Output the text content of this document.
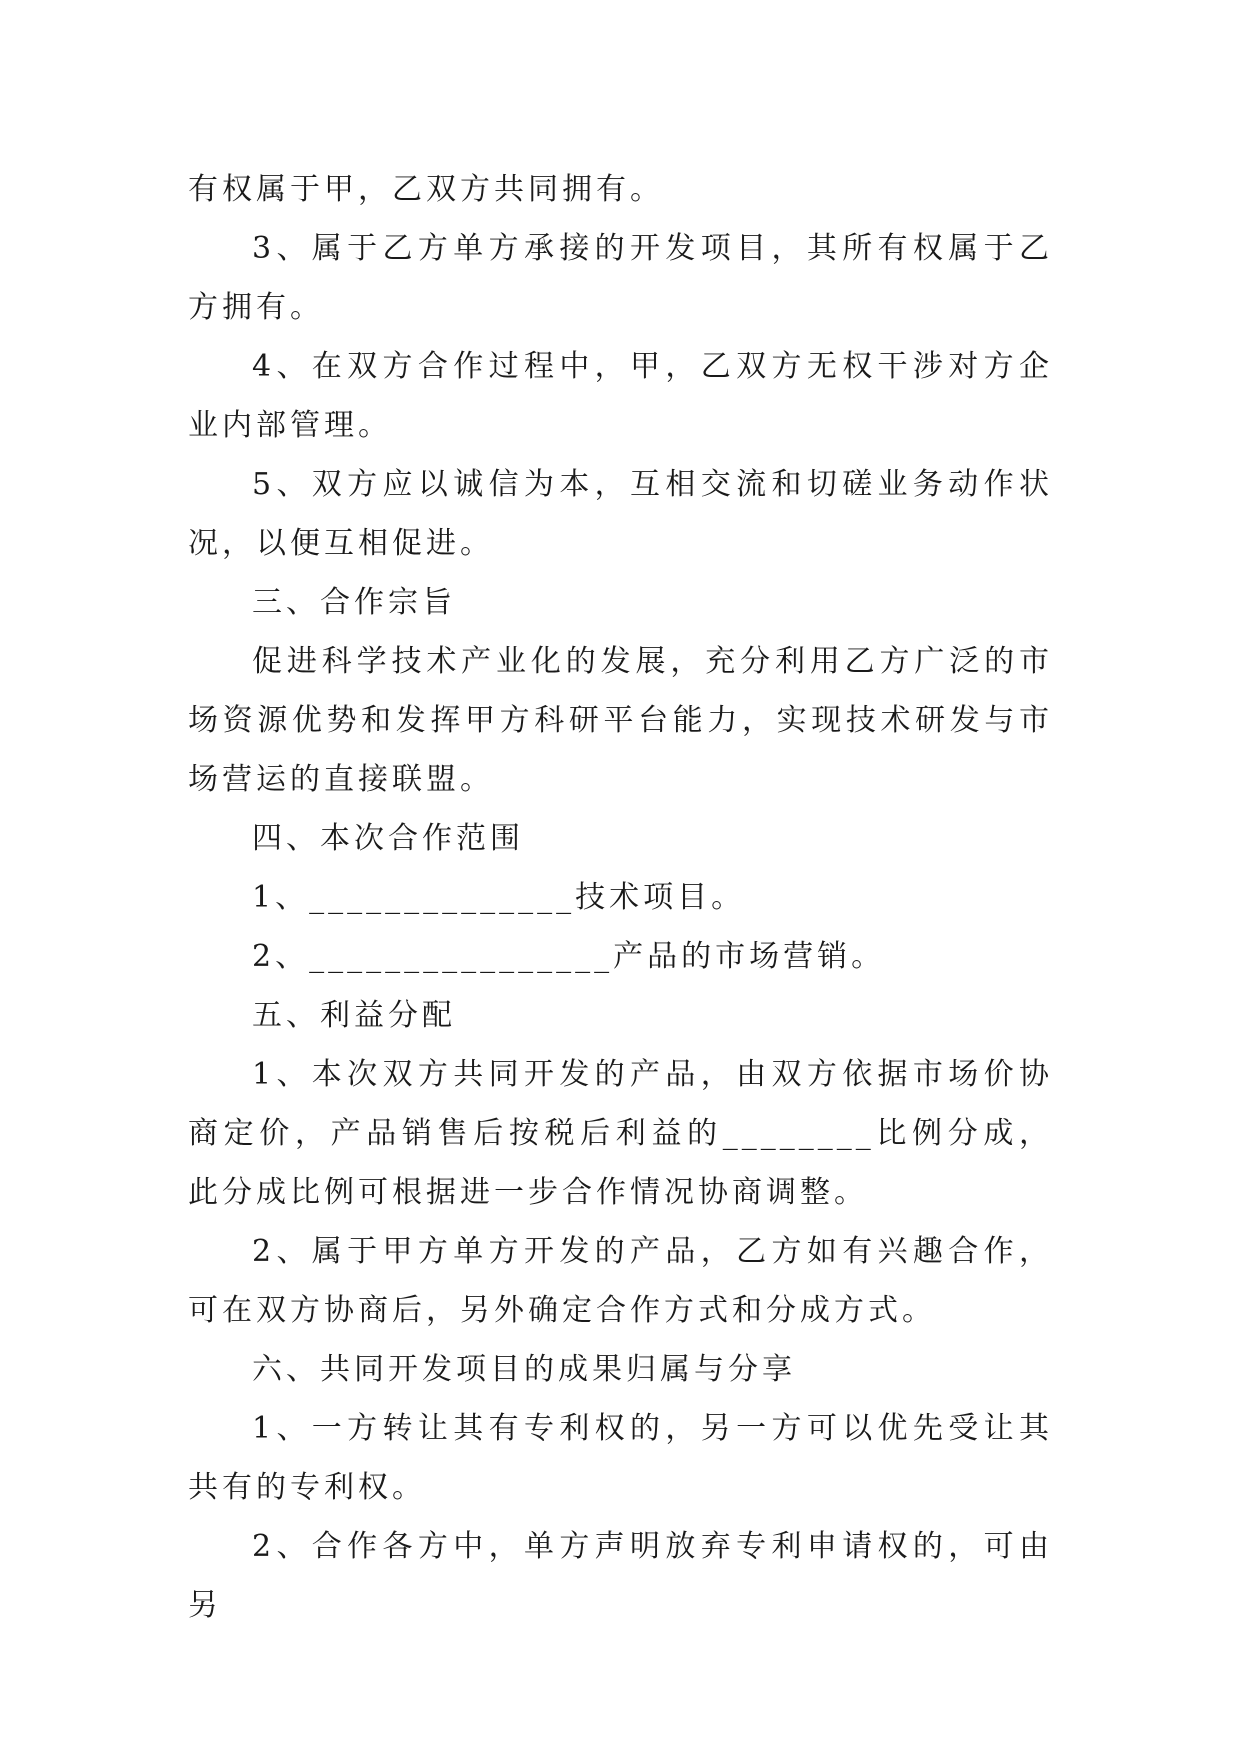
有权属于甲，乙双方共同拥有。

3、属于乙方单方承接的开发项目，其所有权属于乙方拥有。

4、在双方合作过程中，甲，乙双方无权干涉对方企业内部管理。

5、双方应以诚信为本，互相交流和切磋业务动作状况，以便互相促进。

三、合作宗旨

促进科学技术产业化的发展，充分利用乙方广泛的市场资源优势和发挥甲方科研平台能力，实现技术研发与市场营运的直接联盟。

四、本次合作范围

1、______________技术项目。

2、________________产品的市场营销。

五、利益分配

1、本次双方共同开发的产品，由双方依据市场价协商定价，产品销售后按税后利益的________比例分成，此分成比例可根据进一步合作情况协商调整。

2、属于甲方单方开发的产品，乙方如有兴趣合作，可在双方协商后，另外确定合作方式和分成方式。

六、共同开发项目的成果归属与分享

1、一方转让其有专利权的，另一方可以优先受让其共有的专利权。

2、合作各方中，单方声明放弃专利申请权的，可由另
